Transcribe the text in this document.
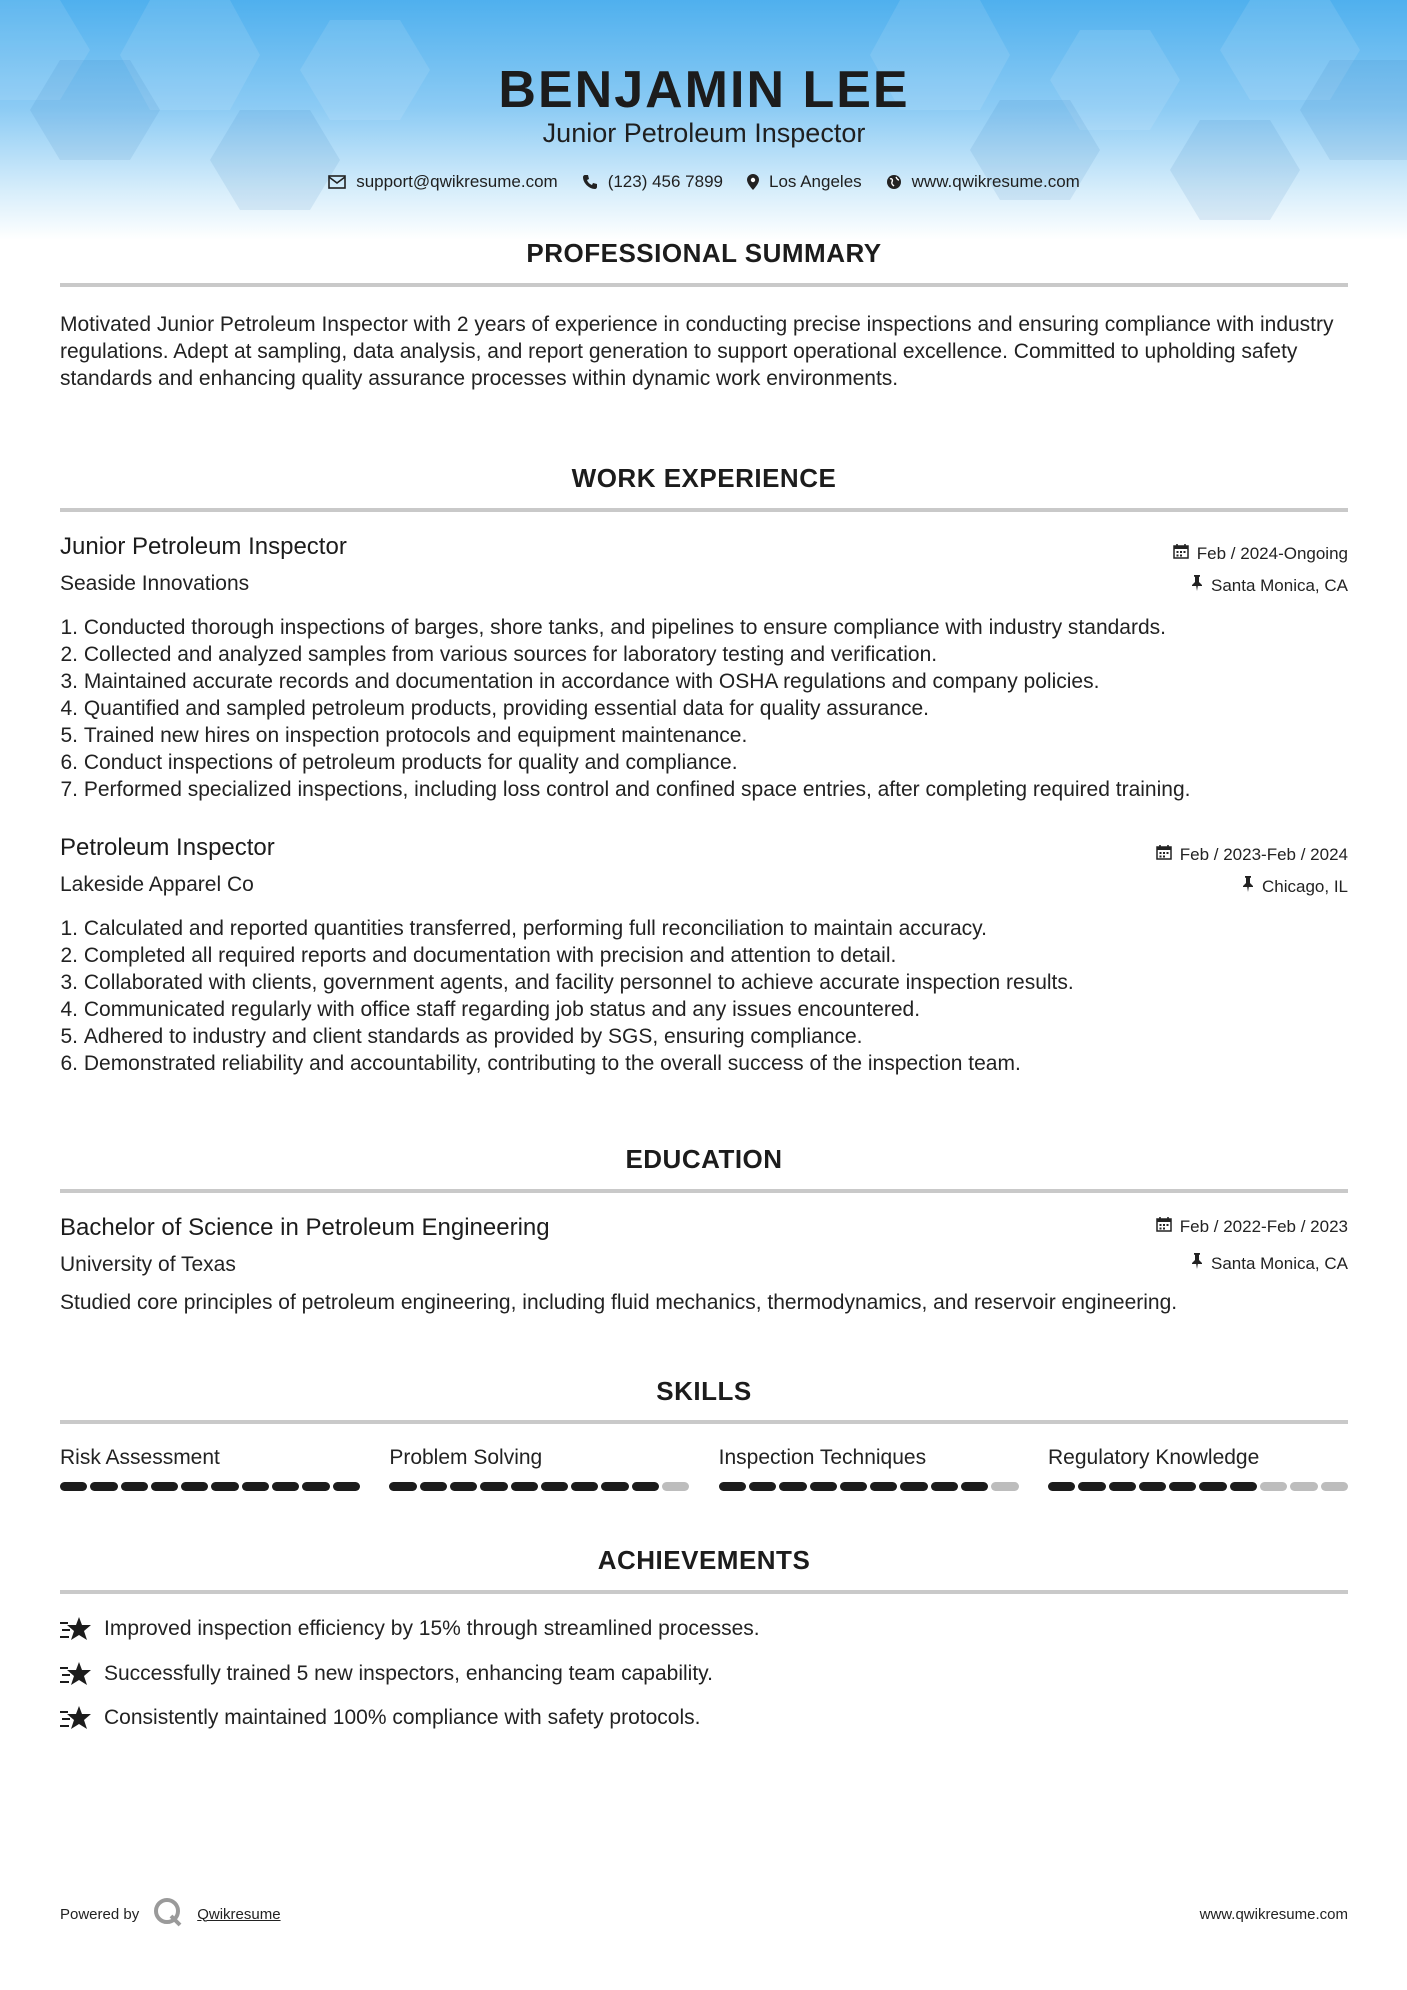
BENJAMIN LEE
Junior Petroleum Inspector
support@qwikresume.com	(123) 456 7899	Los Angeles	www.qwikresume.com
PROFESSIONAL SUMMARY
Motivated Junior Petroleum Inspector with 2 years of experience in conducting precise inspections and ensuring compliance with industry regulations. Adept at sampling, data analysis, and report generation to support operational excellence. Committed to upholding safety standards and enhancing quality assurance processes within dynamic work environments.
WORK EXPERIENCE
Junior Petroleum Inspector
Seaside Innovations
Feb / 2024-Ongoing
Santa Monica, CA
1.
Conducted thorough inspections of barges, shore tanks, and pipelines to ensure compliance with industry standards.
2.
Collected and analyzed samples from various sources for laboratory testing and verification.
3.
Maintained accurate records and documentation in accordance with OSHA regulations and company policies.
4.
Quantified and sampled petroleum products, providing essential data for quality assurance.
5.
Trained new hires on inspection protocols and equipment maintenance.
6.
Conduct inspections of petroleum products for quality and compliance.
7.
Performed specialized inspections, including loss control and confined space entries, after completing required training.
Petroleum Inspector
Lakeside Apparel Co
Feb / 2023-Feb / 2024
Chicago, IL
1.
Calculated and reported quantities transferred, performing full reconciliation to maintain accuracy.
2.
Completed all required reports and documentation with precision and attention to detail.
3.
Collaborated with clients, government agents, and facility personnel to achieve accurate inspection results.
4.
Communicated regularly with office staff regarding job status and any issues encountered.
5.
Adhered to industry and client standards as provided by SGS, ensuring compliance.
6.
Demonstrated reliability and accountability, contributing to the overall success of the inspection team.
EDUCATION
Bachelor of Science in Petroleum Engineering
University of Texas
Feb / 2022-Feb / 2023
Santa Monica, CA
Studied core principles of petroleum engineering, including fluid mechanics, thermodynamics, and reservoir engineering.
SKILLS
Risk Assessment	Problem Solving	Inspection Techniques	Regulatory Knowledge
ACHIEVEMENTS
Improved inspection efficiency by 15% through streamlined processes.
Successfully trained 5 new inspectors, enhancing team capability.
Consistently maintained 100% compliance with safety protocols.
Powered by	Qwikresume	www.qwikresume.com
